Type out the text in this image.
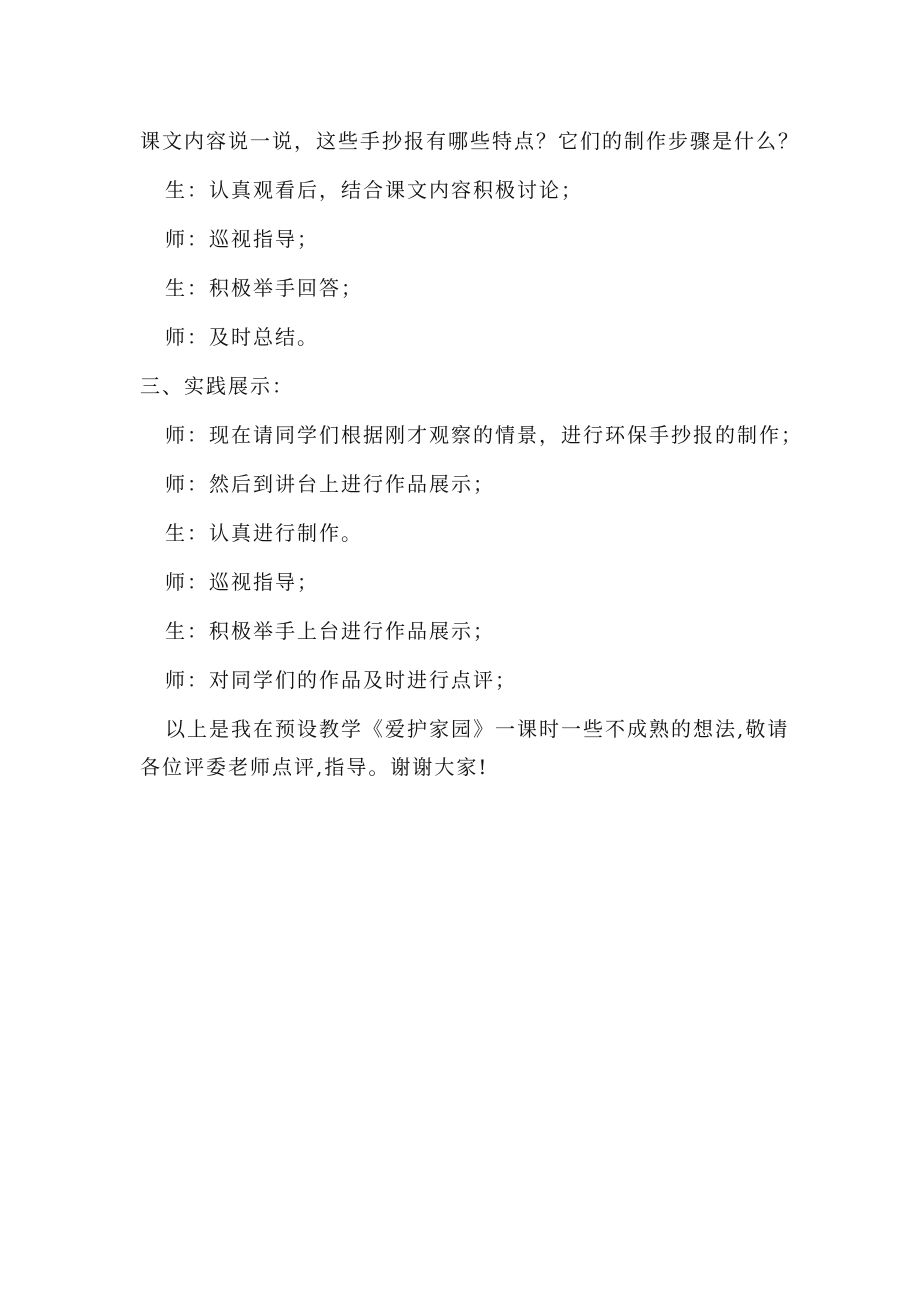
课文内容说一说，这些手抄报有哪些特点？它们的制作步骤是什么？

生：认真观看后，结合课文内容积极讨论；

师：巡视指导；

生：积极举手回答；

师：及时总结。

三、实践展示：

师：现在请同学们根据刚才观察的情景，进行环保手抄报的制作；

师：然后到讲台上进行作品展示；

生：认真进行制作。

师：巡视指导；

生：积极举手上台进行作品展示；

师：对同学们的作品及时进行点评；

以上是我在预设教学《爱护家园》一课时一些不成熟的想法,敬请各位评委老师点评,指导。谢谢大家!
